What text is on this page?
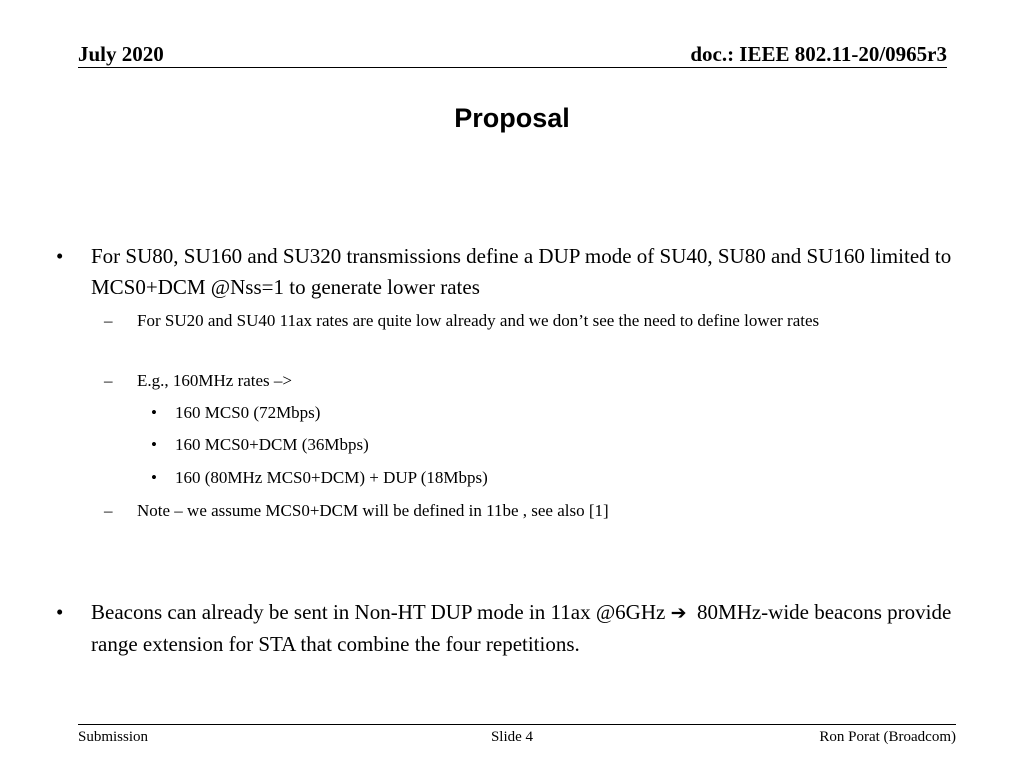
July 2020	doc.: IEEE 802.11-20/0965r3
Proposal
• For SU80, SU160 and SU320 transmissions define a DUP mode of SU40, SU80 and SU160 limited to MCS0+DCM @Nss=1 to generate lower rates
– For SU20 and SU40 11ax rates are quite low already and we don’t see the need to define lower rates
– E.g., 160MHz rates –>
• 160 MCS0 (72Mbps)
• 160 MCS0+DCM (36Mbps)
• 160 (80MHz MCS0+DCM) + DUP (18Mbps)
– Note – we assume MCS0+DCM will be defined in 11be , see also [1]
• Beacons can already be sent in Non-HT DUP mode in 11ax @6GHz ➔  80MHz-wide beacons provide range extension for STA that combine the four repetitions.
Submission	Slide 4	Ron Porat (Broadcom)
